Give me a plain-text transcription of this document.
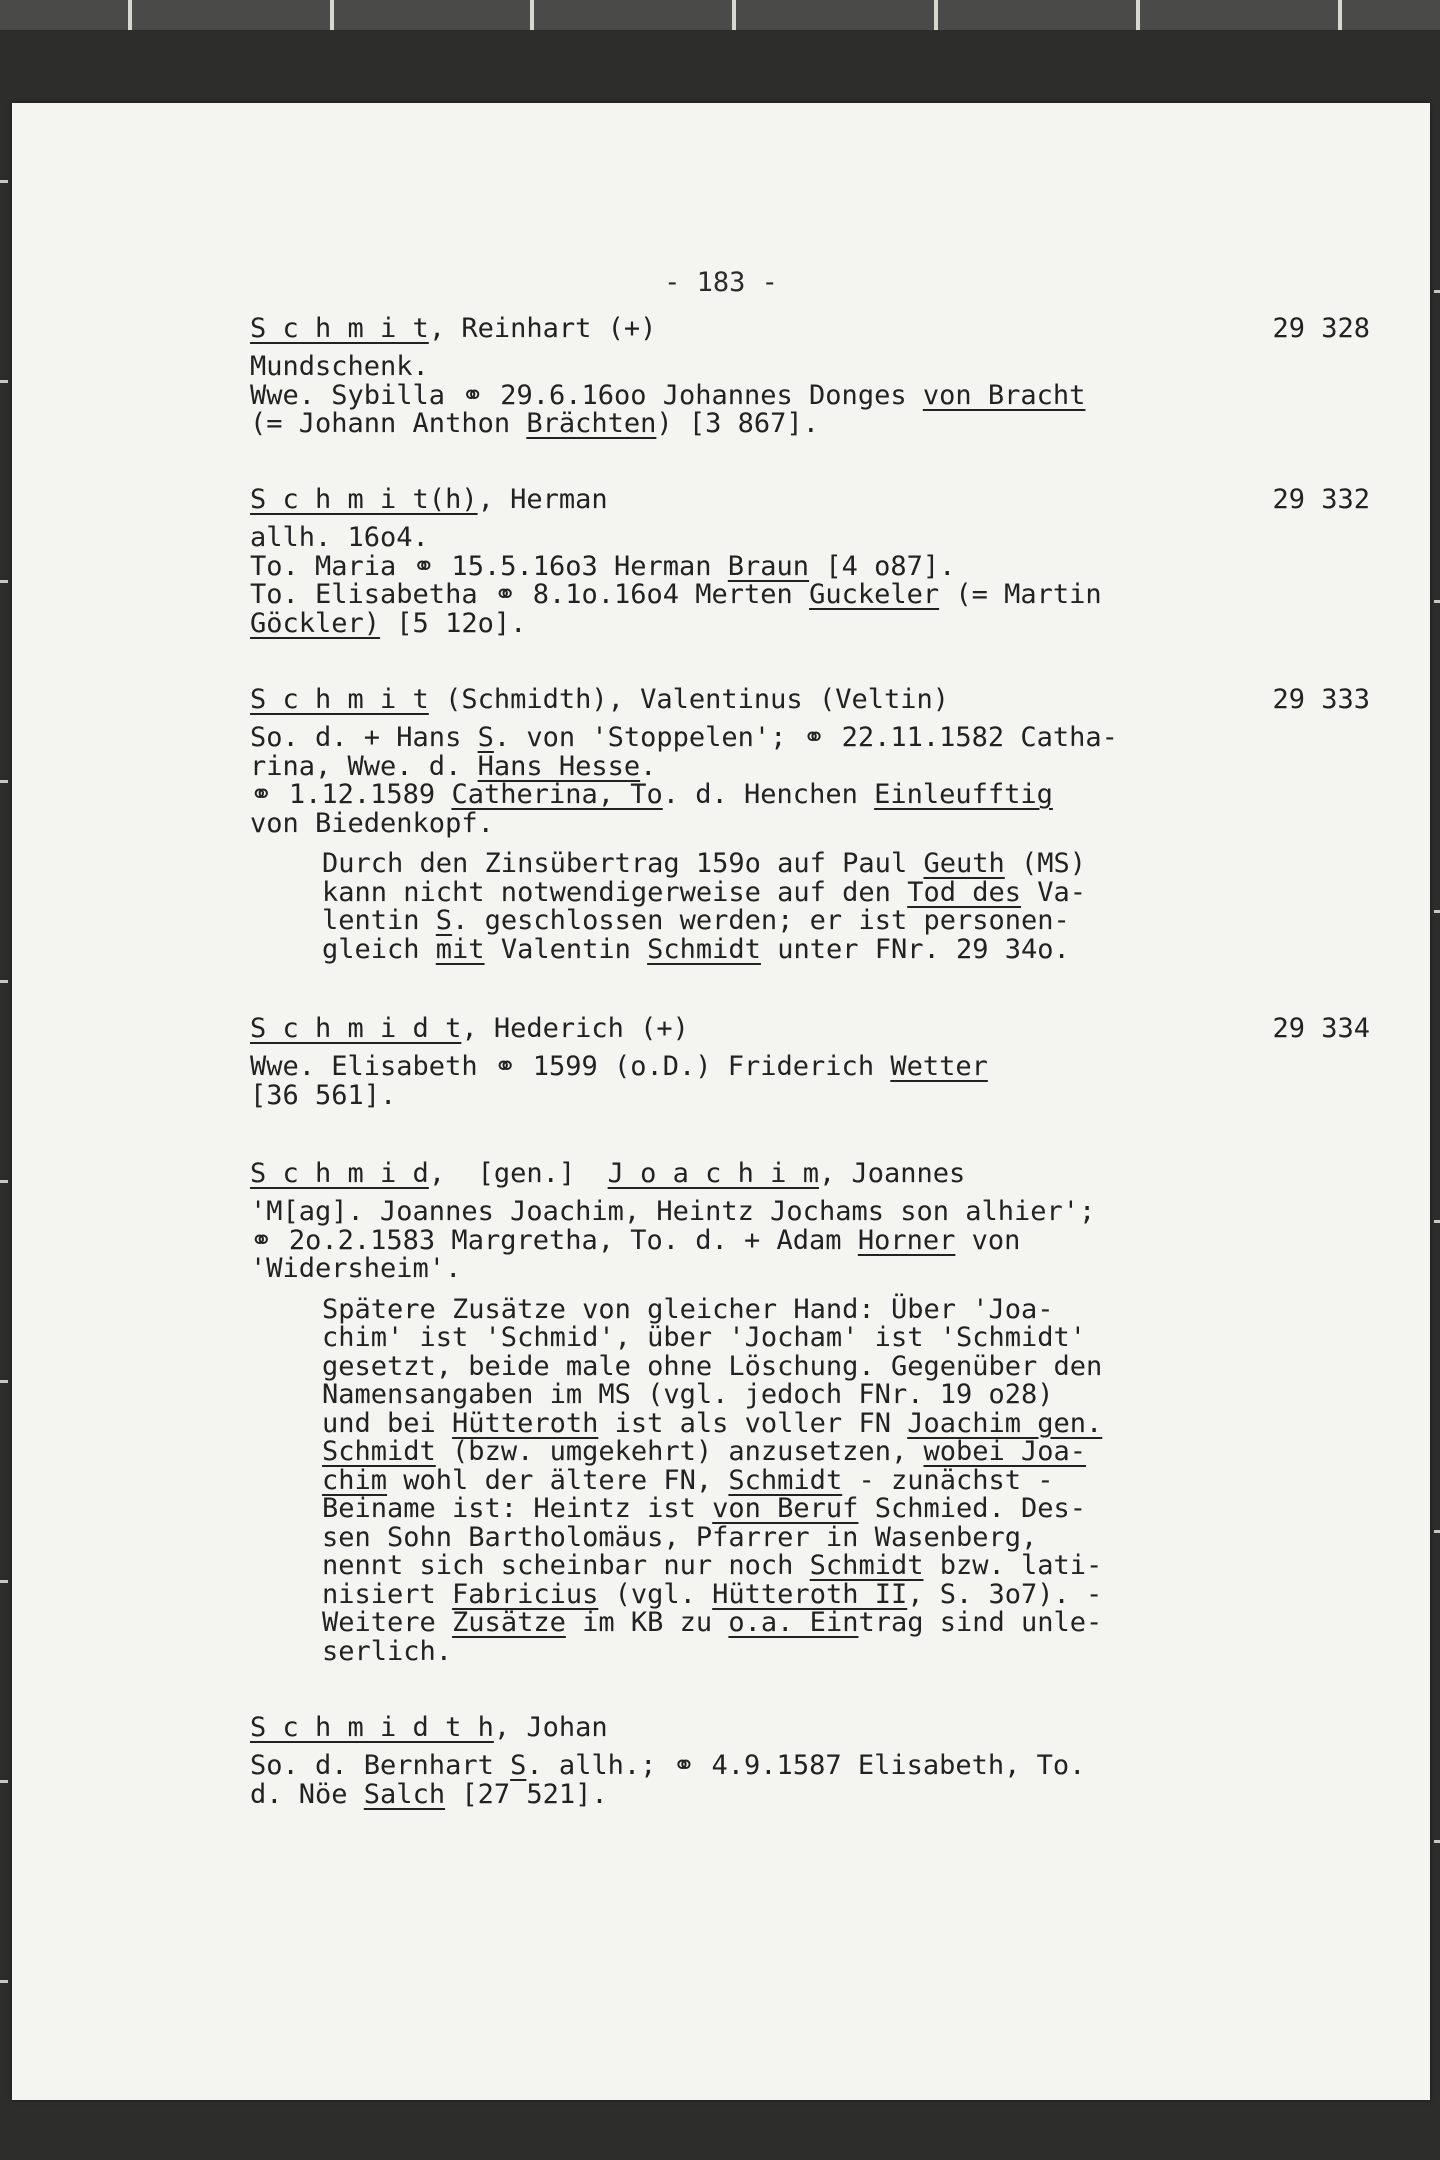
- 183 -
S c h m i t, Reinhart (+)	29 328
Mundschenk.
Wwe. Sybilla ⚭ 29.6.16oo Johannes Donges von Bracht
(= Johann Anthon Brächten) [3 867].
S c h m i t(h), Herman	29 332
allh. 16o4.
To. Maria ⚭ 15.5.16o3 Herman Braun [4 o87].
To. Elisabetha ⚭ 8.1o.16o4 Merten Guckeler (= Martin
Göckler) [5 12o].
S c h m i t (Schmidth), Valentinus (Veltin)	29 333
So. d. + Hans S. von 'Stoppelen'; ⚭ 22.11.1582 Catha-
rina, Wwe. d. Hans Hesse.
⚭ 1.12.1589 Catherina, To. d. Henchen Einleufftig
von Biedenkopf.
Durch den Zinsübertrag 159o auf Paul Geuth (MS)
kann nicht notwendigerweise auf den Tod des Va-
lentin S. geschlossen werden; er ist personen-
gleich mit Valentin Schmidt unter FNr. 29 34o.
S c h m i d t, Hederich (+)	29 334
Wwe. Elisabeth ⚭ 1599 (o.D.) Friderich Wetter
[36 561].
S c h m i d,  [gen.]  J o a c h i m, Joannes
'M[ag]. Joannes Joachim, Heintz Jochams son alhier';
⚭ 2o.2.1583 Margretha, To. d. + Adam Horner von
'Widersheim'.
Spätere Zusätze von gleicher Hand: Über 'Joa-
chim' ist 'Schmid', über 'Jocham' ist 'Schmidt'
gesetzt, beide male ohne Löschung. Gegenüber den
Namensangaben im MS (vgl. jedoch FNr. 19 o28)
und bei Hütteroth ist als voller FN Joachim gen.
Schmidt (bzw. umgekehrt) anzusetzen, wobei Joa-
chim wohl der ältere FN, Schmidt - zunächst -
Beiname ist: Heintz ist von Beruf Schmied. Des-
sen Sohn Bartholomäus, Pfarrer in Wasenberg,
nennt sich scheinbar nur noch Schmidt bzw. lati-
nisiert Fabricius (vgl. Hütteroth II, S. 3o7). -
Weitere Zusätze im KB zu o.a. Eintrag sind unle-
serlich.
S c h m i d t h, Johan
So. d. Bernhart S. allh.; ⚭ 4.9.1587 Elisabeth, To.
d. Nöe Salch [27 521].
